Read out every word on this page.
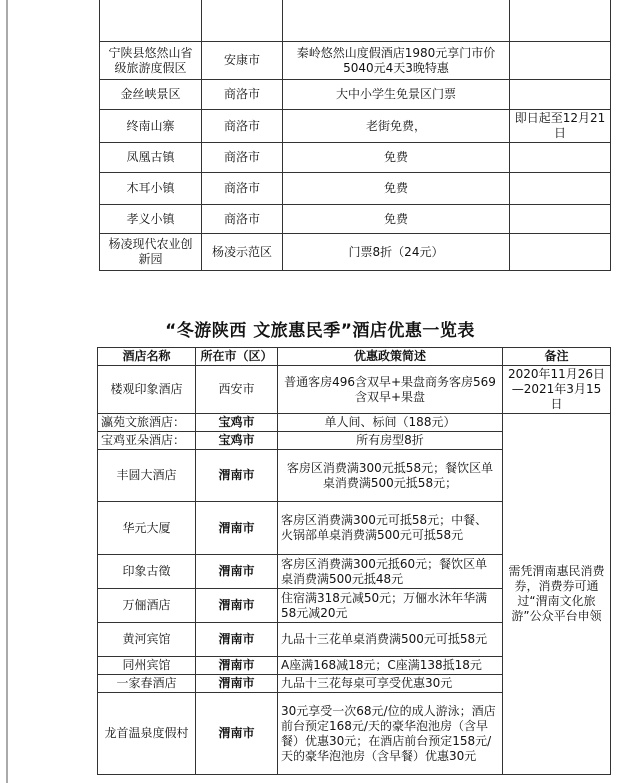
宁陕县悠然山省级旅游度假区	安康市	秦岭悠然山度假酒店1980元享门市价5040元4天3晚特惠	
金丝峡景区	商洛市	大中小学生免景区门票	
终南山寨	商洛市	老街免费，	即日起至12月21日
凤凰古镇	商洛市	免费	
木耳小镇	商洛市	免费	
孝义小镇	商洛市	免费	
杨凌现代农业创新园	杨凌示范区	门票8折（24元）	
“冬游陕西 文旅惠民季”酒店优惠一览表
酒店名称	所在市（区）	优惠政策简述	备注
楼观印象酒店	西安市	普通客房496含双早+果盘商务客房569含双早+果盘	2020年11月26日—2021年3月15日
瀛苑文旅酒店：	宝鸡市	单人间、标间（188元）	需凭渭南惠民消费券，消费券可通过“渭南文化旅游”公众平台申领
宝鸡亚朵酒店：	宝鸡市	所有房型8折	
丰圆大酒店	渭南市	客房区消费满300元抵58元；餐饮区单桌消费满500元抵58元；	
华元大厦	渭南市	客房区消费满300元可抵58元；中餐、火锅部单桌消费满500元可抵58元	
印象古徵	渭南市	客房区消费满300元抵60元；餐饮区单桌消费满500元抵48元	
万俪酒店	渭南市	住宿满318元减50元；万俪水沐年华满58元减20元	
黄河宾馆	渭南市	九品十三花单桌消费满500元可抵58元	
同州宾馆	渭南市	A座满168减18元；C座满138抵18元	
一家春酒店	渭南市	九品十三花每桌可享受优惠30元	
龙首温泉度假村	渭南市	30元享受一次68元/位的成人游泳；酒店前台预定168元/天的豪华泡池房（含早餐）优惠30元；在酒店前台预定158元/天的豪华泡池房（含早餐）优惠30元	
